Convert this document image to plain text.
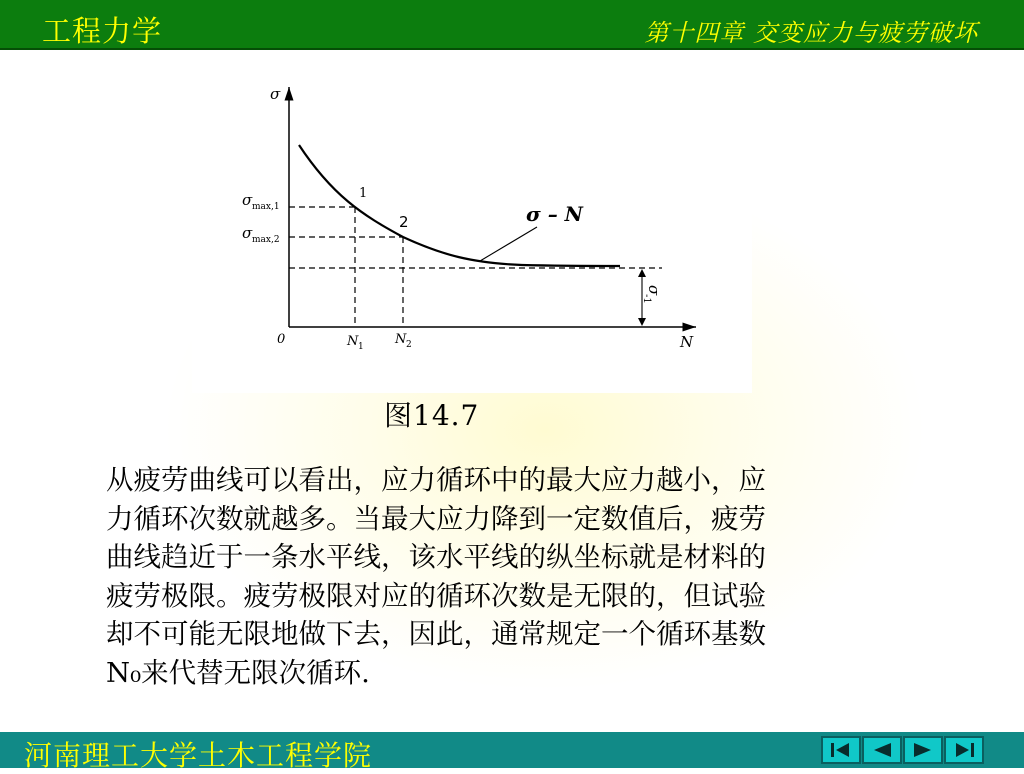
工程力学	第十四章 交变应力与疲劳破坏
σ
N
0
σ max,1
σ max,2
1
2
N 1 N 2
σ – N
σ
-1
图14.7
从疲劳曲线可以看出，应力循环中的最大应力越小，应
力循环次数就越多。当最大应力降到一定数值后，疲劳
曲线趋近于一条水平线，该水平线的纵坐标就是材料的
疲劳极限。疲劳极限对应的循环次数是无限的，但试验
却不可能无限地做下去，因此，通常规定一个循环基数
N₀来代替无限次循环.
河南理工大学土木工程学院
